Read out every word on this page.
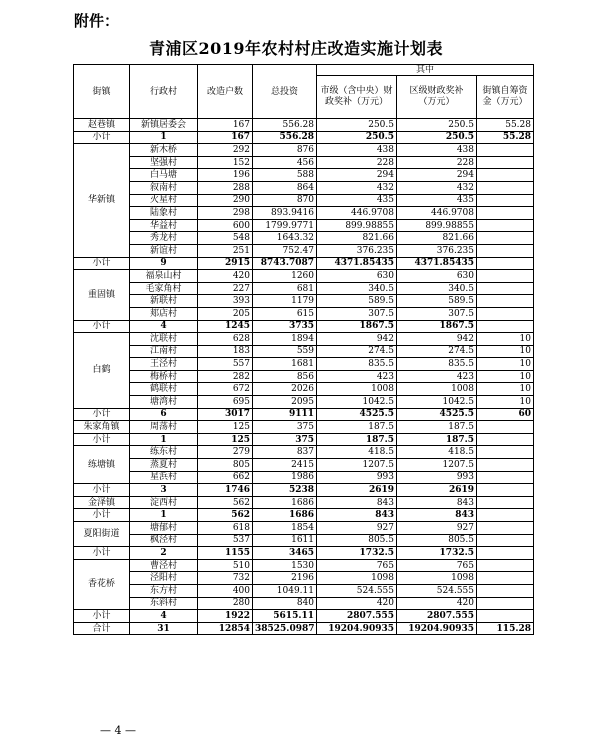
附件：
青浦区2019年农村村庄改造实施计划表
街镇	行政村	改造户数	总投资	其中		
				市级（含中央）财政奖补（万元）	区级财政奖补
（万元）	街镇自筹资金（万元）
赵巷镇	新镇居委会	167	556.28	250.5	250.5	55.28
小计	1	167	556.28	250.5	250.5	55.28
华新镇	新木桥	292	876	438	438	
	坚强村	152	456	228	228	
	白马塘	196	588	294	294	
	叙南村	288	864	432	432	
	火星村	290	870	435	435	
	陆象村	298	893.9416	446.9708	446.9708	
	华益村	600	1799.9771	899.98855	899.98855	
	秀龙村	548	1643.32	821.66	821.66	
	新谊村	251	752.47	376.235	376.235	
小计	9	2915	8743.7087	4371.85435	4371.85435	
重固镇	福泉山村	420	1260	630	630	
	毛家角村	227	681	340.5	340.5	
	新联村	393	1179	589.5	589.5	
	郏店村	205	615	307.5	307.5	
小计	4	1245	3735	1867.5	1867.5	
白鹤	沈联村	628	1894	942	942	10
	江南村	183	559	274.5	274.5	10
	王泾村	557	1681	835.5	835.5	10
	梅桥村	282	856	423	423	10
	鹤联村	672	2026	1008	1008	10
	塘湾村	695	2095	1042.5	1042.5	10
小计	6	3017	9111	4525.5	4525.5	60
朱家角镇	周荡村	125	375	187.5	187.5	
小计	1	125	375	187.5	187.5	
练塘镇	练东村	279	837	418.5	418.5	
	蒸夏村	805	2415	1207.5	1207.5	
	星浜村	662	1986	993	993	
小计	3	1746	5238	2619	2619	
金泽镇	淀西村	562	1686	843	843	
小计	1	562	1686	843	843	
夏阳街道	塘郁村	618	1854	927	927	
	枫泾村	537	1611	805.5	805.5	
小计	2	1155	3465	1732.5	1732.5	
香花桥	曹泾村	510	1530	765	765	
	泾阳村	732	2196	1098	1098	
	东方村	400	1049.11	524.555	524.555	
	东斜村	280	840	420	420	
小计	4	1922	5615.11	2807.555	2807.555	
合计	31	12854	38525.0987	19204.90935	19204.90935	115.28
— 4 —
